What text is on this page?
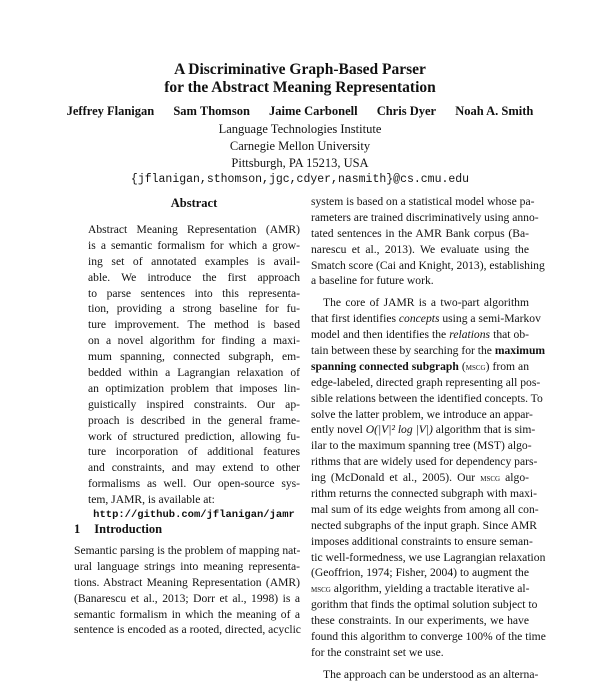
A Discriminative Graph-Based Parser
for the Abstract Meaning Representation
Jeffrey Flanigan Sam Thomson Jaime Carbonell Chris Dyer Noah A. Smith
Language Technologies Institute
Carnegie Mellon University
Pittsburgh, PA 15213, USA
{jflanigan,sthomson,jgc,cdyer,nasmith}@cs.cmu.edu
Abstract
Abstract Meaning Representation (AMR)
is a semantic formalism for which a grow-
ing set of annotated examples is avail-
able. We introduce the first approach
to parse sentences into this representa-
tion, providing a strong baseline for fu-
ture improvement. The method is based
on a novel algorithm for finding a maxi-
mum spanning, connected subgraph, em-
bedded within a Lagrangian relaxation of
an optimization problem that imposes lin-
guistically inspired constraints. Our ap-
proach is described in the general frame-
work of structured prediction, allowing fu-
ture incorporation of additional features
and constraints, and may extend to other
formalisms as well. Our open-source sys-
tem, JAMR, is available at:
http://github.com/jflanigan/jamr
1 Introduction
Semantic parsing is the problem of mapping nat-
ural language strings into meaning representa-
tions. Abstract Meaning Representation (AMR)
(Banarescu et al., 2013; Dorr et al., 1998) is a
semantic formalism in which the meaning of a
sentence is encoded as a rooted, directed, acyclic
system is based on a statistical model whose pa-
rameters are trained discriminatively using anno-
tated sentences in the AMR Bank corpus (Ba-
narescu et al., 2013). We evaluate using the
Smatch score (Cai and Knight, 2013), establishing
a baseline for future work.
The core of JAMR is a two-part algorithm
that first identifies concepts using a semi-Markov
model and then identifies the relations that ob-
tain between these by searching for the maximum
spanning connected subgraph (mscg) from an
edge-labeled, directed graph representing all pos-
sible relations between the identified concepts. To
solve the latter problem, we introduce an appar-
ently novel O(|V|² log |V|) algorithm that is sim-
ilar to the maximum spanning tree (MST) algo-
rithms that are widely used for dependency pars-
ing (McDonald et al., 2005). Our mscg algo-
rithm returns the connected subgraph with maxi-
mal sum of its edge weights from among all con-
nected subgraphs of the input graph. Since AMR
imposes additional constraints to ensure seman-
tic well-formedness, we use Lagrangian relaxation
(Geoffrion, 1974; Fisher, 2004) to augment the
mscg algorithm, yielding a tractable iterative al-
gorithm that finds the optimal solution subject to
these constraints. In our experiments, we have
found this algorithm to converge 100% of the time
for the constraint set we use.
The approach can be understood as an alterna-
